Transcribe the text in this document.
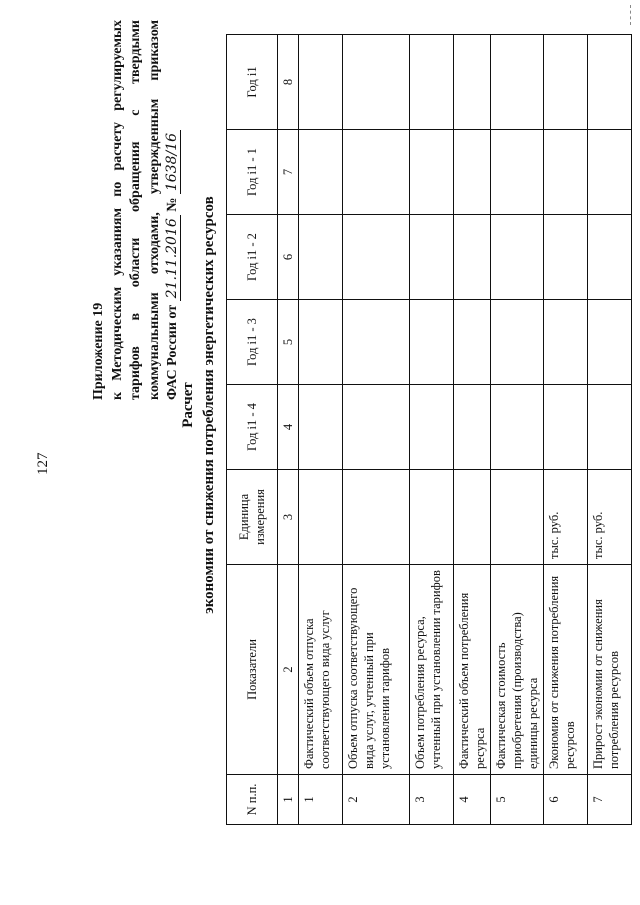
127
Приложение 19 к Методическим указаниям по расчету регулируемых тарифов в области обращения с твердыми коммунальными отходами, утвержденным приказом ФАС России от 21.11.2016 № 1638/16
Расчет экономии от снижения потребления энергетических ресурсов
N п.п.	Показатели	Единица измерения	Год i1 - 4	Год i1 - 3	Год i1 - 2	Год i1 - 1	Год i1
1	2	3	4	5	6	7	8
1	Фактический объем отпуска соответствующего вида услуг						
2	Объем отпуска соответствующего вида услуг, учтенный при установлении тарифов						
3	Объем потребления ресурса, учтенный при установлении тарифов						
4	Фактический объем потребления ресурса						
5	Фактическая стоимость приобретения (производства) единицы ресурса						
6	Экономия от снижения потребления ресурсов	тыс. руб.					
7	Прирост экономии от снижения потребления ресурсов	тыс. руб.					
